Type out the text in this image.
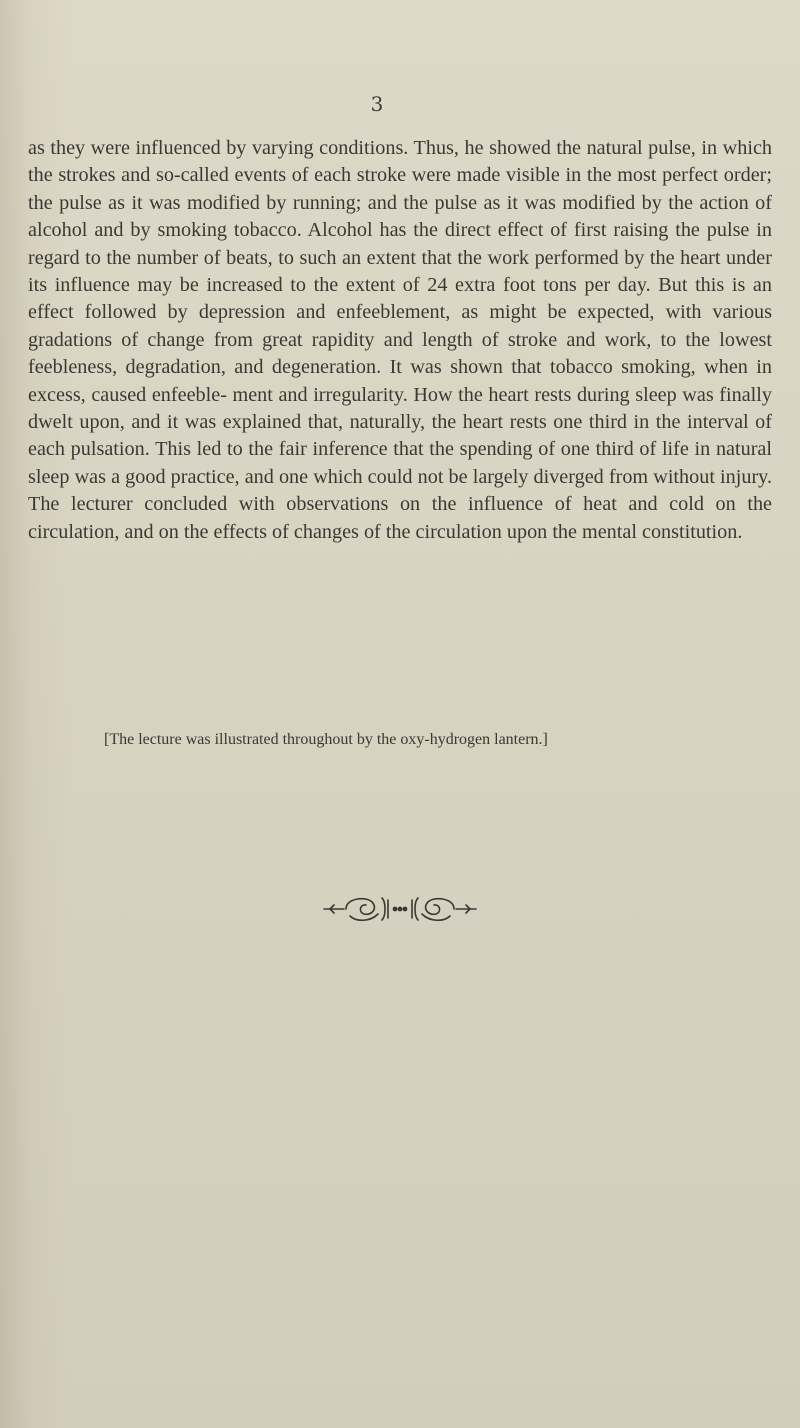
3

as they were influenced by varying conditions. Thus, he showed the natural pulse, in which the strokes and so-called events of each stroke were made visible in the most perfect order; the pulse as it was modified by running; and the pulse as it was modified by the action of alcohol and by smoking tobacco. Alcohol has the direct effect of first raising the pulse in regard to the number of beats, to such an extent that the work performed by the heart under its influence may be increased to the extent of 24 extra foot tons per day. But this is an effect followed by depression and enfeeblement, as might be expected, with various gradations of change from great rapidity and length of stroke and work, to the lowest feebleness, degradation, and degeneration. It was shown that tobacco smoking, when in excess, caused enfeeble- ment and irregularity. How the heart rests during sleep was finally dwelt upon, and it was explained that, naturally, the heart rests one third in the interval of each pulsation. This led to the fair inference that the spending of one third of life in natural sleep was a good practice, and one which could not be largely diverged from without injury. The lecturer concluded with observations on the influence of heat and cold on the circulation, and on the effects of changes of the circulation upon the mental constitution.

[The lecture was illustrated throughout by the oxy-hydrogen lantern.]
